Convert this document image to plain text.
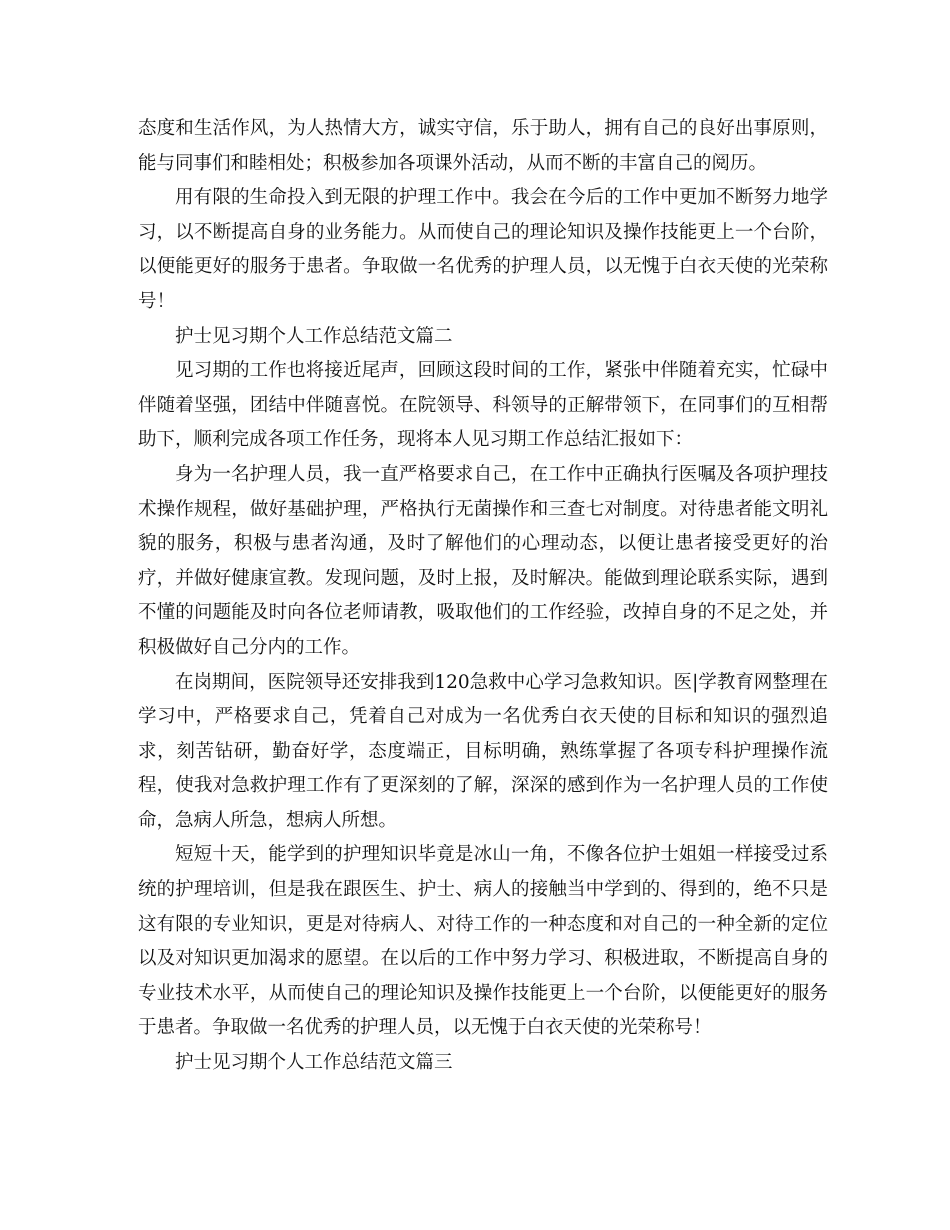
态度和生活作风，为人热情大方，诚实守信，乐于助人，拥有自己的良好出事原则，能与同事们和睦相处；积极参加各项课外活动，从而不断的丰富自己的阅历。

用有限的生命投入到无限的护理工作中。我会在今后的工作中更加不断努力地学习，以不断提高自身的业务能力。从而使自己的理论知识及操作技能更上一个台阶，以便能更好的服务于患者。争取做一名优秀的护理人员，以无愧于白衣天使的光荣称号！

护士见习期个人工作总结范文篇二

见习期的工作也将接近尾声，回顾这段时间的工作，紧张中伴随着充实，忙碌中伴随着坚强，团结中伴随喜悦。在院领导、科领导的正解带领下，在同事们的互相帮助下，顺利完成各项工作任务，现将本人见习期工作总结汇报如下：

身为一名护理人员，我一直严格要求自己，在工作中正确执行医嘱及各项护理技术操作规程，做好基础护理，严格执行无菌操作和三查七对制度。对待患者能文明礼貌的服务，积极与患者沟通，及时了解他们的心理动态，以便让患者接受更好的治疗，并做好健康宣教。发现问题，及时上报，及时解决。能做到理论联系实际，遇到不懂的问题能及时向各位老师请教，吸取他们的工作经验，改掉自身的不足之处，并积极做好自己分内的工作。

在岗期间，医院领导还安排我到120急救中心学习急救知识。医|学教育网整理在学习中，严格要求自己，凭着自己对成为一名优秀白衣天使的目标和知识的强烈追求，刻苦钻研，勤奋好学，态度端正，目标明确，熟练掌握了各项专科护理操作流程，使我对急救护理工作有了更深刻的了解，深深的感到作为一名护理人员的工作使命，急病人所急，想病人所想。

短短十天，能学到的护理知识毕竟是冰山一角，不像各位护士姐姐一样接受过系统的护理培训，但是我在跟医生、护士、病人的接触当中学到的、得到的，绝不只是这有限的专业知识，更是对待病人、对待工作的一种态度和对自己的一种全新的定位以及对知识更加渴求的愿望。在以后的工作中努力学习、积极进取，不断提高自身的专业技术水平，从而使自己的理论知识及操作技能更上一个台阶，以便能更好的服务于患者。争取做一名优秀的护理人员，以无愧于白衣天使的光荣称号！

护士见习期个人工作总结范文篇三
